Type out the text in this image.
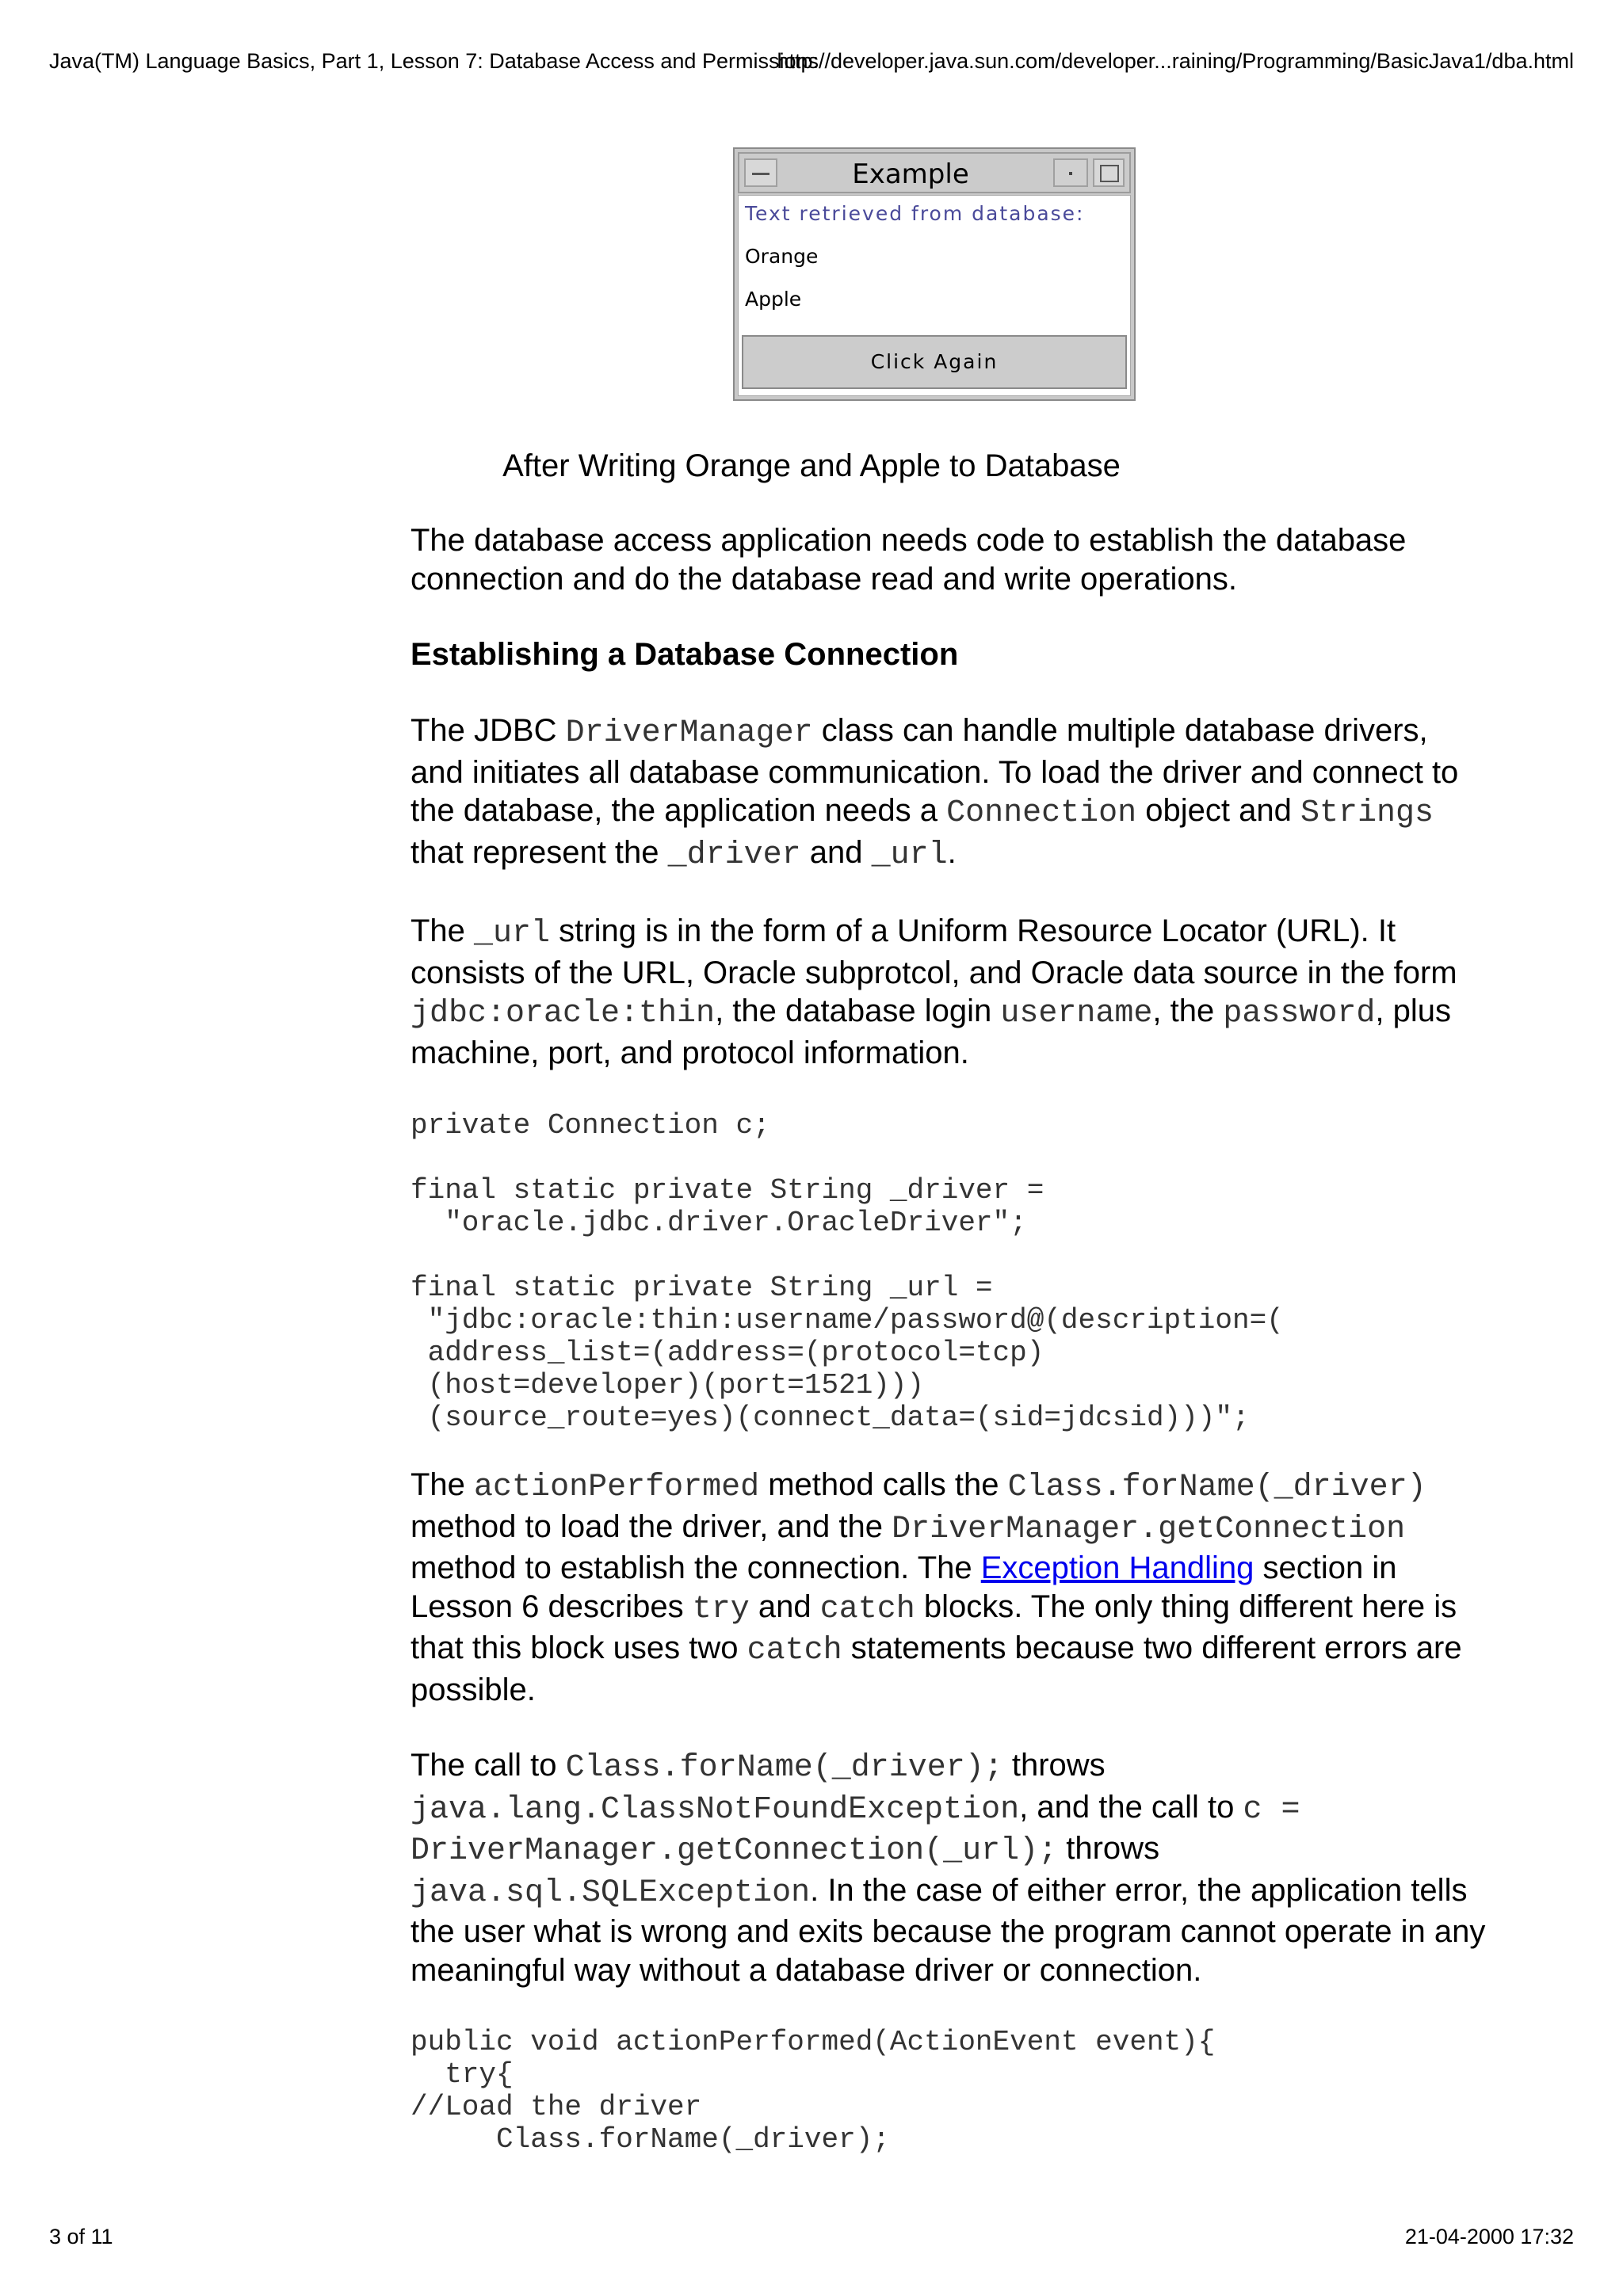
Java(TM) Language Basics, Part 1, Lesson 7: Database Access and Permissions
http://developer.java.sun.com/developer...raining/Programming/BasicJava1/dba.html
Example
Text retrieved from database:
Orange
Apple
Click Again
After Writing Orange and Apple to Database

The database access application needs code to establish the database connection and do the database read and write operations.

Establishing a Database Connection

The JDBC DriverManager class can handle multiple database drivers, and initiates all database communication. To load the driver and connect to the database, the application needs a Connection object and Strings that represent the _driver and _url.

The _url string is in the form of a Uniform Resource Locator (URL). It consists of the URL, Oracle subprotcol, and Oracle data source in the form jdbc:oracle:thin, the database login username, the password, plus machine, port, and protocol information.

private Connection c;
final static private String _driver =
"oracle.jdbc.driver.OracleDriver";
final static private String _url =
"jdbc:oracle:thin:username/password@(description=(
address_list=(address=(protocol=tcp)
(host=developer)(port=1521)))
(source_route=yes)(connect_data=(sid=jdcsid)))";

The actionPerformed method calls the Class.forName(_driver) method to load the driver, and the DriverManager.getConnection method to establish the connection. The Exception Handling section in Lesson 6 describes try and catch blocks. The only thing different here is that this block uses two catch statements because two different errors are possible.

The call to Class.forName(_driver); throws java.lang.ClassNotFoundException, and the call to c = DriverManager.getConnection(_url); throws java.sql.SQLException. In the case of either error, the application tells the user what is wrong and exits because the program cannot operate in any meaningful way without a database driver or connection.

public void actionPerformed(ActionEvent event){
try{
//Load the driver
Class.forName(_driver);
3 of 11	21-04-2000 17:32
